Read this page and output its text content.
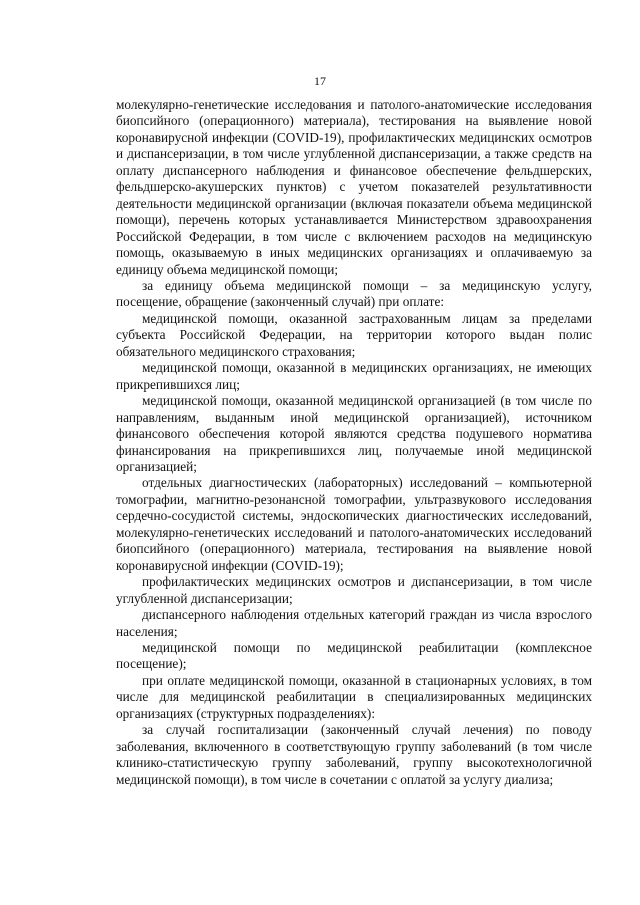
17

молекулярно-генетические исследования и патолого-анатомические исследования биопсийного (операционного) материала), тестирования на выявление новой коронавирусной инфекции (COVID-19), профилактических медицинских осмотров и диспансеризации, в том числе углубленной диспансеризации, а также средств на оплату диспансерного наблюдения и финансовое обеспечение фельдшерских, фельдшерско-акушерских пунктов) с учетом показателей результативности деятельности медицинской организации (включая показатели объема медицинской помощи), перечень которых устанавливается Министерством здравоохранения Российской Федерации, в том числе с включением расходов на медицинскую помощь, оказываемую в иных медицинских организациях и оплачиваемую за единицу объема медицинской помощи;

за единицу объема медицинской помощи – за медицинскую услугу, посещение, обращение (законченный случай) при оплате:

медицинской помощи, оказанной застрахованным лицам за пределами субъекта Российской Федерации, на территории которого выдан полис обязательного медицинского страхования;

медицинской помощи, оказанной в медицинских организациях, не имеющих прикрепившихся лиц;

медицинской помощи, оказанной медицинской организацией (в том числе по направлениям, выданным иной медицинской организацией), источником финансового обеспечения которой являются средства подушевого норматива финансирования на прикрепившихся лиц, получаемые иной медицинской организацией;

отдельных диагностических (лабораторных) исследований – компьютерной томографии, магнитно-резонансной томографии, ультразвукового исследования сердечно-сосудистой системы, эндоскопических диагностических исследований, молекулярно-генетических исследований и патолого-анатомических исследований биопсийного (операционного) материала, тестирования на выявление новой коронавирусной инфекции (COVID-19);

профилактических медицинских осмотров и диспансеризации, в том числе углубленной диспансеризации;

диспансерного наблюдения отдельных категорий граждан из числа взрослого населения;

медицинской помощи по медицинской реабилитации (комплексное посещение);

при оплате медицинской помощи, оказанной в стационарных условиях, в том числе для медицинской реабилитации в специализированных медицинских организациях (структурных подразделениях):

за случай госпитализации (законченный случай лечения) по поводу заболевания, включенного в соответствующую группу заболеваний (в том числе клинико-статистическую группу заболеваний, группу высокотехнологичной медицинской помощи), в том числе в сочетании с оплатой за услугу диализа;
